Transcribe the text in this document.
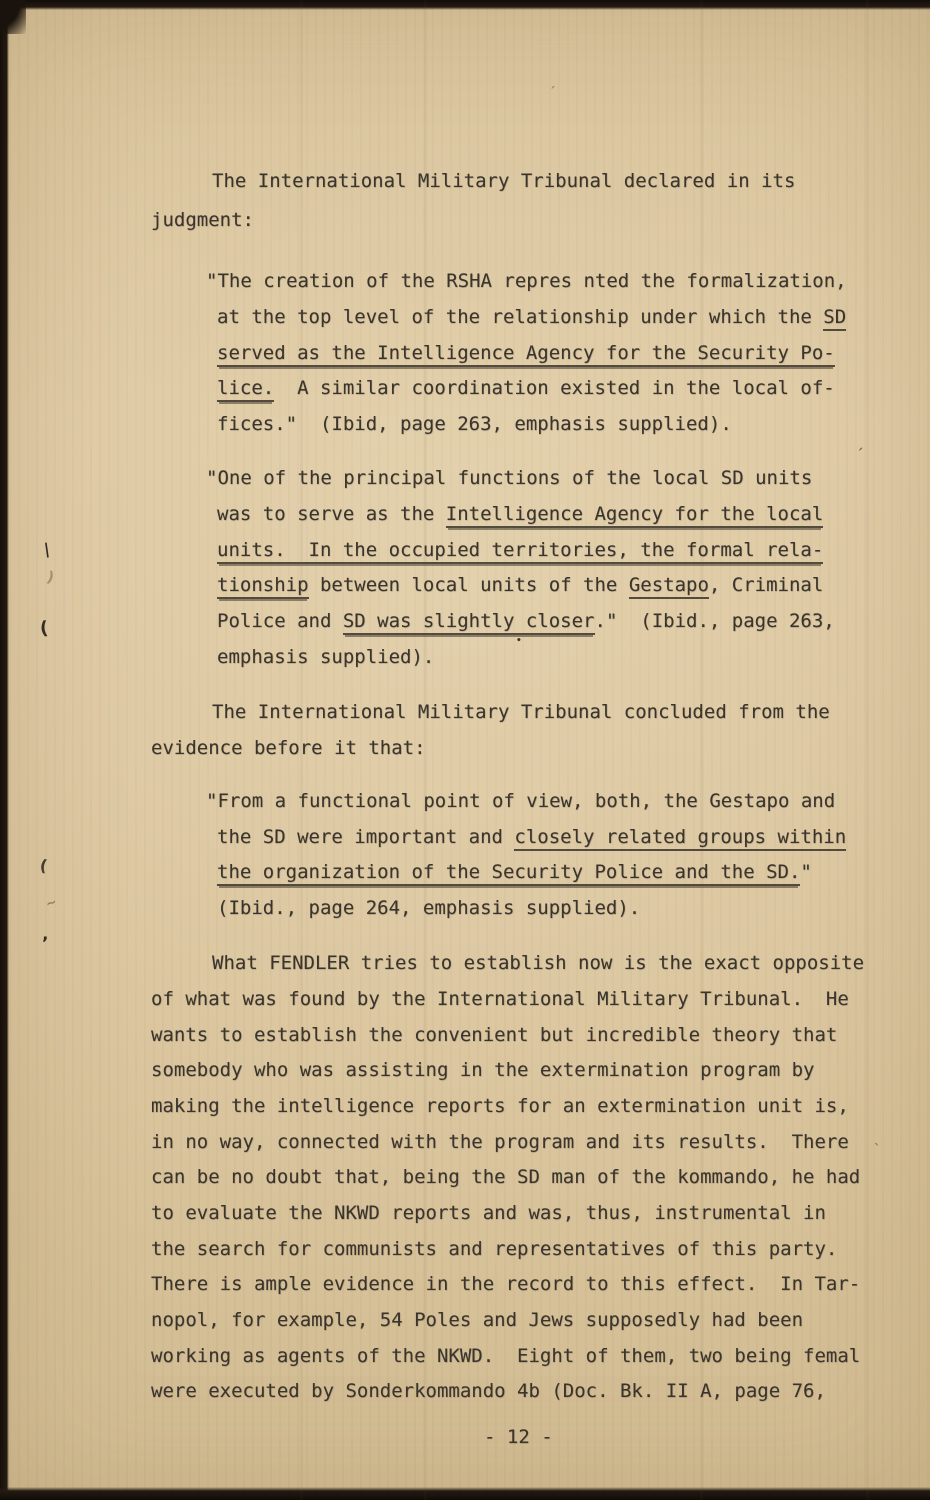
The International Military Tribunal declared in its
judgment:
"The creation of the RSHA repres nted the formalization,
at the top level of the relationship under which the SD
served as the Intelligence Agency for the Security Po-
lice.  A similar coordination existed in the local of-
fices."  (Ibid, page 263, emphasis supplied).
"One of the principal functions of the local SD units
was to serve as the Intelligence Agency for the local
units.  In the occupied territories, the formal rela-
tionship between local units of the Gestapo, Criminal
Police and SD was slightly closer."  (Ibid., page 263,
emphasis supplied).
The International Military Tribunal concluded from the
evidence before it that:
"From a functional point of view, both, the Gestapo and
the SD were important and closely related groups within
the organization of the Security Police and the SD."
(Ibid., page 264, emphasis supplied).
What FENDLER tries to establish now is the exact opposite
of what was found by the International Military Tribunal.  He
wants to establish the convenient but incredible theory that
somebody who was assisting in the extermination program by
making the intelligence reports for an extermination unit is,
in no way, connected with the program and its results.  There
can be no doubt that, being the SD man of the kommando, he had
to evaluate the NKWD reports and was, thus, instrumental in
the search for communists and representatives of this party.
There is ample evidence in the record to this effect.  In Tar-
nopol, for example, 54 Poles and Jews supposedly had been
working as agents of the NKWD.  Eight of them, two being femal
were executed by Sonderkommando 4b (Doc. Bk. II A, page 76,
- 12 -
|
)
(
(
~
’
´
´
`
•
